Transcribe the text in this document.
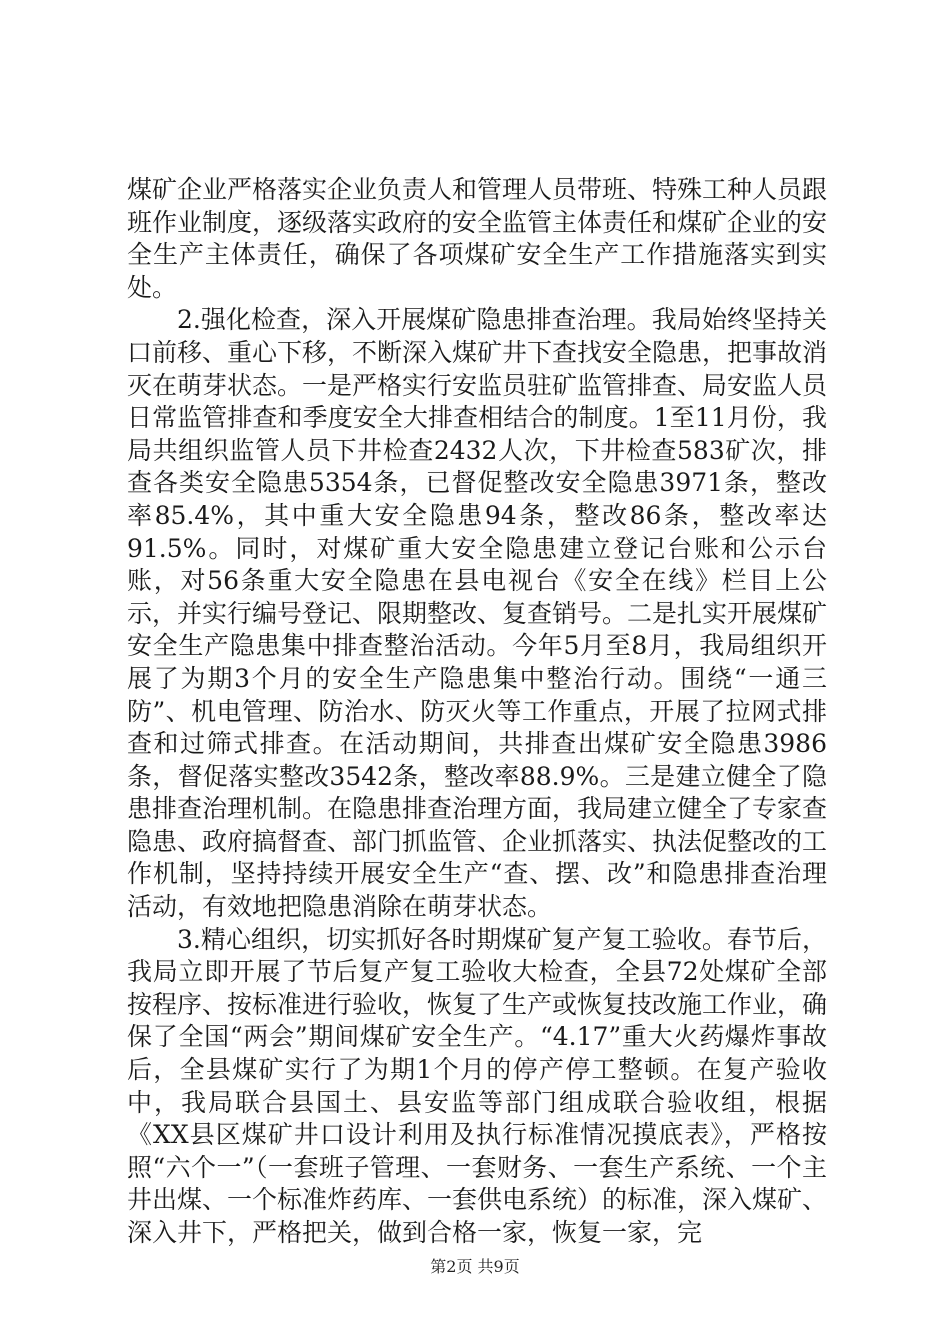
煤矿企业严格落实企业负责人和管理人员带班、特殊工种人员跟班作业制度，逐级落实政府的安全监管主体责任和煤矿企业的安全生产主体责任，确保了各项煤矿安全生产工作措施落实到实处。

2.强化检查，深入开展煤矿隐患排查治理。我局始终坚持关口前移、重心下移，不断深入煤矿井下查找安全隐患，把事故消灭在萌芽状态。一是严格实行安监员驻矿监管排查、局安监人员日常监管排查和季度安全大排查相结合的制度。1至11月份，我局共组织监管人员下井检查2432人次，下井检查583矿次，排查各类安全隐患5354条，已督促整改安全隐患3971条，整改率85.4%，其中重大安全隐患94条，整改86条，整改率达91.5%。同时，对煤矿重大安全隐患建立登记台账和公示台账，对56条重大安全隐患在县电视台《安全在线》栏目上公示，并实行编号登记、限期整改、复查销号。二是扎实开展煤矿安全生产隐患集中排查整治活动。今年5月至8月，我局组织开展了为期3个月的安全生产隐患集中整治行动。围绕“一通三防”、机电管理、防治水、防灭火等工作重点，开展了拉网式排查和过筛式排查。在活动期间，共排查出煤矿安全隐患3986条，督促落实整改3542条，整改率88.9%。三是建立健全了隐患排查治理机制。在隐患排查治理方面，我局建立健全了专家查隐患、政府搞督查、部门抓监管、企业抓落实、执法促整改的工作机制，坚持持续开展安全生产“查、摆、改”和隐患排查治理活动，有效地把隐患消除在萌芽状态。

3.精心组织，切实抓好各时期煤矿复产复工验收。春节后，我局立即开展了节后复产复工验收大检查，全县72处煤矿全部按程序、按标准进行验收，恢复了生产或恢复技改施工作业，确保了全国“两会”期间煤矿安全生产。“4.17”重大火药爆炸事故后，全县煤矿实行了为期1个月的停产停工整顿。在复产验收中，我局联合县国土、县安监等部门组成联合验收组，根据《XX县区煤矿井口设计利用及执行标准情况摸底表》，严格按照“六个一”（一套班子管理、一套财务、一套生产系统、一个主井出煤、一个标准炸药库、一套供电系统）的标准，深入煤矿、深入井下，严格把关，做到合格一家，恢复一家，完

第2页 共9页
